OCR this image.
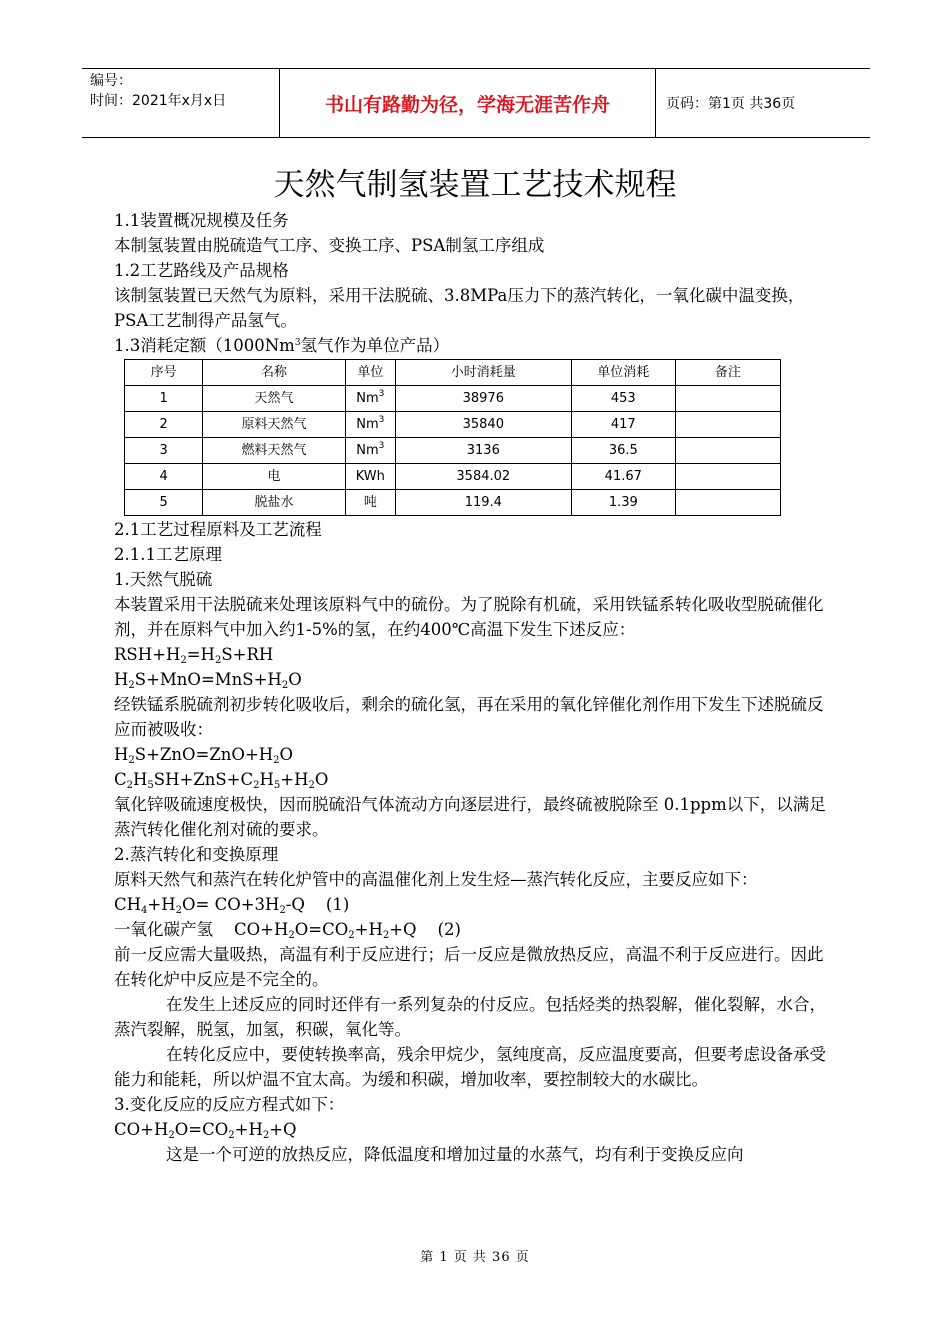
编号：
时间：2021年x月x日	书山有路勤为径，学海无涯苦作舟	页码：第1页 共36页
天然气制氢装置工艺技术规程

1.1装置概况规模及任务

本制氢装置由脱硫造气工序、变换工序、PSA制氢工序组成

1.2工艺路线及产品规格

该制氢装置已天然气为原料，采用干法脱硫、3.8MPa压力下的蒸汽转化，一氧化碳中温变换， PSA工艺制得产品氢气。

1.3消耗定额（1000Nm$^3$氢气作为单位产品）

序号	名称	单位	小时消耗量	单位消耗	备注
1	天然气	Nm$^3$	38976	453	
2	原料天然气	Nm$^3$	35840	417	
3	燃料天然气	Nm$^3$	3136	36.5	
4	电	KWh	3584.02	41.67	
5	脱盐水	吨	119.4	1.39	

2.1工艺过程原料及工艺流程

2.1.1工艺原理

1.天然气脱硫

本装置采用干法脱硫来处理该原料气中的硫份。为了脱除有机硫，采用铁锰系转化吸收型脱硫催化剂，并在原料气中加入约1-5%的氢，在约400℃高温下发生下述反应：

$RSH+H_2=H_2S+RH$

$H_2S+MnO=MnS+H_2O$

经铁锰系脱硫剂初步转化吸收后，剩余的硫化氢，再在采用的氧化锌催化剂作用下发生下述脱硫反应而被吸收：

$H_2S+ZnO=ZnO+H_2O$

$C_2H_5SH+ZnS+C_2H_5+H_2O$

氧化锌吸硫速度极快，因而脱硫沿气体流动方向逐层进行，最终硫被脱除至 0.1ppm以下，以满足蒸汽转化催化剂对硫的要求。

2.蒸汽转化和变换原理

原料天然气和蒸汽在转化炉管中的高温催化剂上发生烃—蒸汽转化反应，主要反应如下：

$CH_4+H_2O= CO+3H_2-Q$    (1)

一氧化碳产氢    $CO+H_2O=CO_2+H_2+Q$    (2)

前一反应需大量吸热，高温有利于反应进行；后一反应是微放热反应，高温不利于反应进行。因此在转化炉中反应是不完全的。

在发生上述反应的同时还伴有一系列复杂的付反应。包括烃类的热裂解，催化裂解，水合，蒸汽裂解，脱氢，加氢，积碳，氧化等。

在转化反应中，要使转换率高，残余甲烷少，氢纯度高，反应温度要高，但要考虑设备承受能力和能耗，所以炉温不宜太高。为缓和积碳，增加收率，要控制较大的水碳比。

3.变化反应的反应方程式如下：

$CO+H_2O=CO_2+H_2+Q$

这是一个可逆的放热反应，降低温度和增加过量的水蒸气，均有利于变换反应向

第 1 页 共 36 页
